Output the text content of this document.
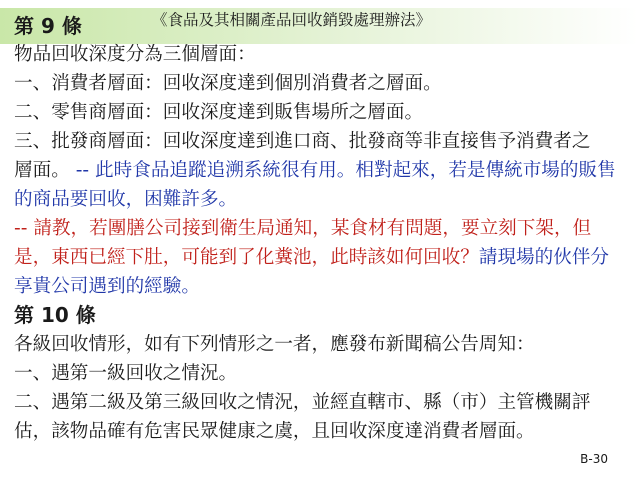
第 9 條	《食品及其相關產品回收銷毀處理辦法》

物品回收深度分為三個層面：

一、消費者層面：回收深度達到個別消費者之層面。

二、零售商層面：回收深度達到販售場所之層面。

三、批發商層面：回收深度達到進口商、批發商等非直接售予消費者之

層面。 -- 此時食品追蹤追溯系統很有用。相對起來，若是傳統市場的販售的商品要回收，困難許多。

-- 請教，若團膳公司接到衛生局通知，某食材有問題，要立刻下架，但是，東西已經下肚，可能到了化糞池，此時該如何回收？請現場的伙伴分享貴公司遇到的經驗。

第 10 條

各級回收情形，如有下列情形之一者，應發布新聞稿公告周知：

一、遇第一級回收之情況。

二、遇第二級及第三級回收之情況，並經直轄市、縣（市）主管機關評估，該物品確有危害民眾健康之虞，且回收深度達消費者層面。

B-30
